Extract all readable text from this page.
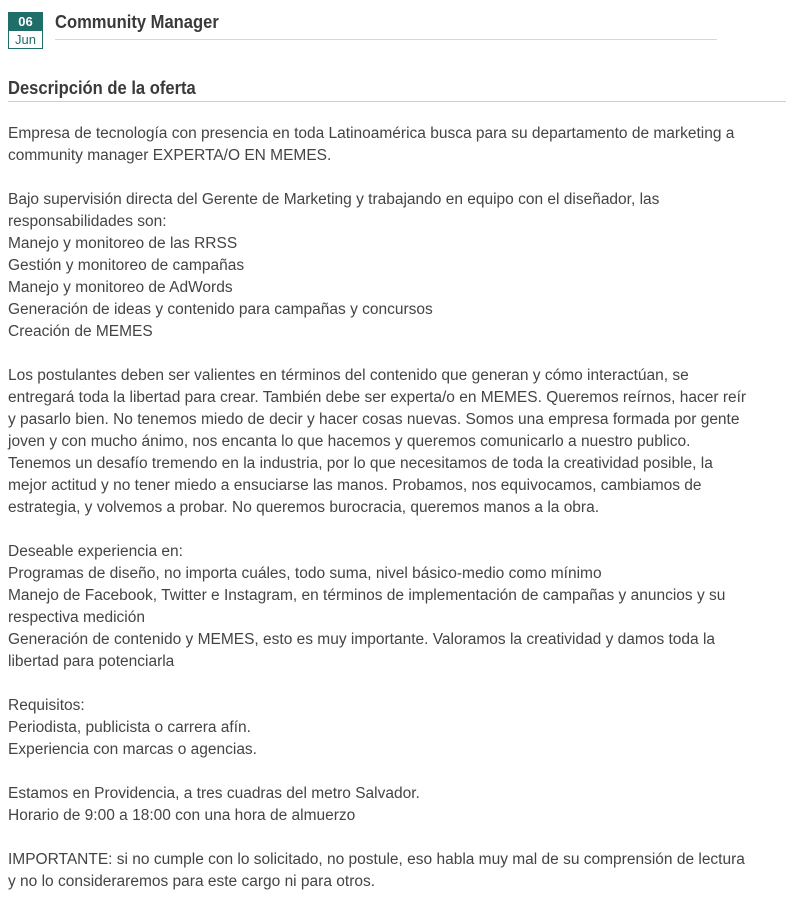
06
Jun
Community Manager
Descripción de la oferta
Empresa de tecnología con presencia en toda Latinoamérica busca para su departamento de marketing a
community manager EXPERTA/O EN MEMES.
Bajo supervisión directa del Gerente de Marketing y trabajando en equipo con el diseñador, las
responsabilidades son:
Manejo y monitoreo de las RRSS
Gestión y monitoreo de campañas
Manejo y monitoreo de AdWords
Generación de ideas y contenido para campañas y concursos
Creación de MEMES
Los postulantes deben ser valientes en términos del contenido que generan y cómo interactúan, se
entregará toda la libertad para crear. También debe ser experta/o en MEMES. Queremos reírnos, hacer reír
y pasarlo bien. No tenemos miedo de decir y hacer cosas nuevas. Somos una empresa formada por gente
joven y con mucho ánimo, nos encanta lo que hacemos y queremos comunicarlo a nuestro publico.
Tenemos un desafío tremendo en la industria, por lo que necesitamos de toda la creatividad posible, la
mejor actitud y no tener miedo a ensuciarse las manos. Probamos, nos equivocamos, cambiamos de
estrategia, y volvemos a probar. No queremos burocracia, queremos manos a la obra.
Deseable experiencia en:
Programas de diseño, no importa cuáles, todo suma, nivel básico-medio como mínimo
Manejo de Facebook, Twitter e Instagram, en términos de implementación de campañas y anuncios y su
respectiva medición
Generación de contenido y MEMES, esto es muy importante. Valoramos la creatividad y damos toda la
libertad para potenciarla
Requisitos:
Periodista, publicista o carrera afín.
Experiencia con marcas o agencias.
Estamos en Providencia, a tres cuadras del metro Salvador.
Horario de 9:00 a 18:00 con una hora de almuerzo
IMPORTANTE: si no cumple con lo solicitado, no postule, eso habla muy mal de su comprensión de lectura
y no lo consideraremos para este cargo ni para otros.
